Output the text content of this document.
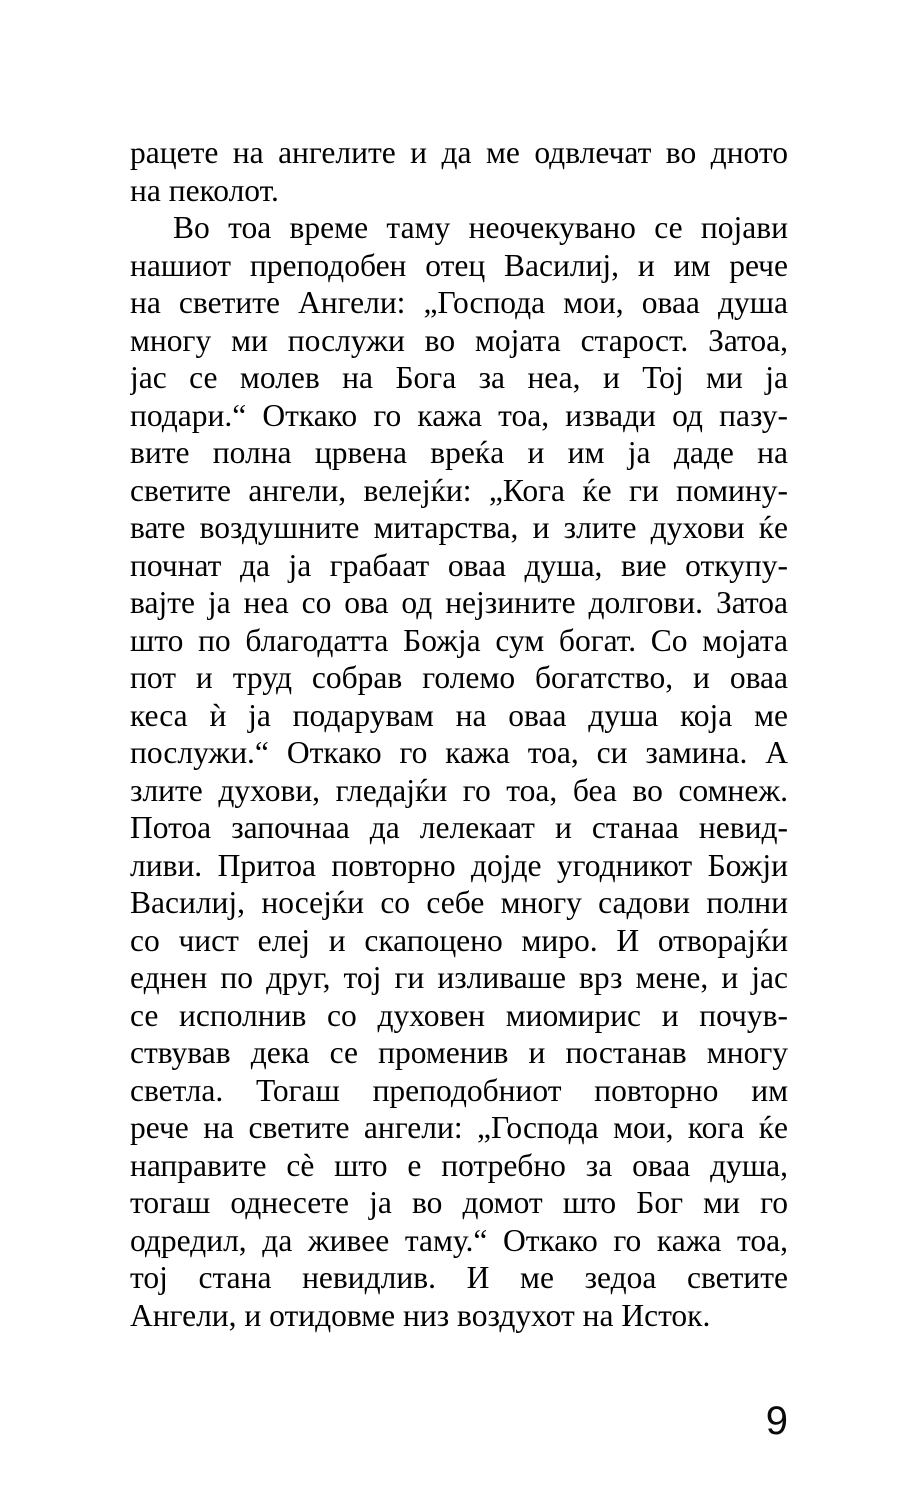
рацете на ангелите и да ме одвлечат во дното
на пеколот.
Во тоа време таму неочекувано се појави
нашиот преподобен отец Василиј, и им рече
на светите Ангели: „Господа мои, оваа душа
многу ми послужи во мојата старост. Затоа,
јас се молев на Бога за неа, и Тој ми ја
подари.“ Откако го кажа тоа, извади од пазу-
вите полна црвена вреќа и им ја даде на
светите ангели, велејќи: „Кога ќе ги помину-
вате воздушните митарства, и злите духови ќе
почнат да ја грабаат оваа душа, вие откупу-
вајте ја неа со ова од нејзините долгови. Затоа
што по благодатта Божја сум богат. Со мојата
пот и труд собрав големо богатство, и оваа
кеса ѝ ја подарувам на оваа душа која ме
послужи.“ Откако го кажа тоа, си замина. А
злите духови, гледајќи го тоа, беа во сомнеж.
Потоа започнаа да лелекаат и станаа невид-
ливи. Притоа повторно дојде угодникот Божји
Василиј, носејќи со себе многу садови полни
со чист елеј и скапоцено миро. И отворајќи
еднен по друг, тој ги изливаше врз мене, и јас
се исполнив со духовен миомирис и почув-
ствував дека се променив и постанав многу
светла. Тогаш преподобниот повторно им
рече на светите ангели: „Господа мои, кога ќе
направите сѐ што е потребно за оваа душа,
тогаш однесете ја во домот што Бог ми го
одредил, да живее таму.“ Откако го кажа тоа,
тој стана невидлив. И ме зедоа светите
Ангели, и отидовме низ воздухот на Исток.
9
